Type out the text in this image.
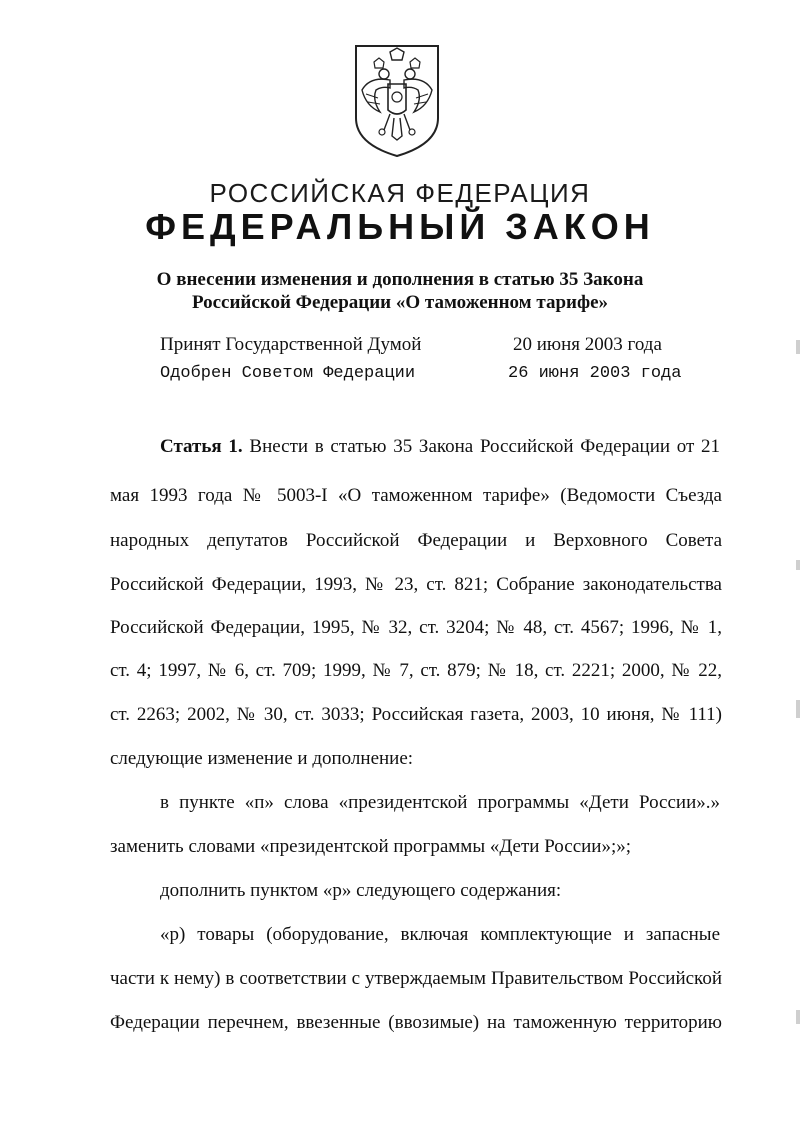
РОССИЙСКАЯ ФЕДЕРАЦИЯ
ФЕДЕРАЛЬНЫЙ ЗАКОН
О внесении изменения и дополнения в статью 35 Закона
Российской Федерации «О таможенном тарифе»
Принят Государственной Думой	20 июня 2003 года
Одобрен Советом Федерации	26 июня 2003 года
Статья 1. Внести в статью 35 Закона Российской Федерации от 21
мая 1993 года № 5003-I «О таможенном тарифе» (Ведомости Съезда
народных депутатов Российской Федерации и Верховного Совета
Российской Федерации, 1993, № 23, ст. 821; Собрание законодательства
Российской Федерации, 1995, № 32, ст. 3204; № 48, ст. 4567; 1996, № 1,
ст. 4; 1997, № 6, ст. 709; 1999, № 7, ст. 879; № 18, ст. 2221; 2000, № 22,
ст. 2263; 2002, № 30, ст. 3033; Российская газета, 2003, 10 июня, № 111)
следующие изменение и дополнение:
в пункте «п» слова «президентской программы «Дети России».»
заменить словами «президентской программы «Дети России»;»;
дополнить пунктом «р» следующего содержания:
«р) товары (оборудование, включая комплектующие и запасные
части к нему) в соответствии с утверждаемым Правительством Российской
Федерации перечнем, ввезенные (ввозимые) на таможенную территорию
